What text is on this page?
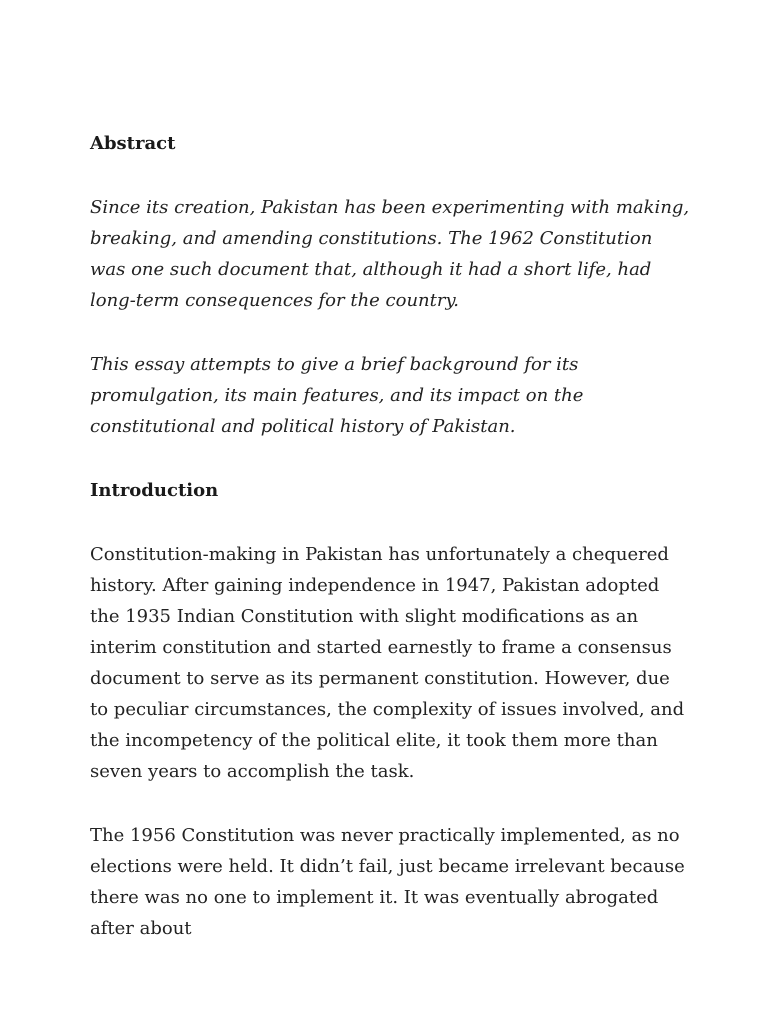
Abstract

Since its creation, Pakistan has been experimenting with making, breaking, and amending constitutions. The 1962 Constitution was one such document that, although it had a short life, had long-term consequences for the country.

This essay attempts to give a brief background for its promulgation, its main features, and its impact on the constitutional and political history of Pakistan.

Introduction

Constitution-making in Pakistan has unfortunately a chequered history. After gaining independence in 1947, Pakistan adopted the 1935 Indian Constitution with slight modifications as an interim constitution and started earnestly to frame a consensus document to serve as its permanent constitution. However, due to peculiar circumstances, the complexity of issues involved, and the incompetency of the political elite, it took them more than seven years to accomplish the task.

The 1956 Constitution was never practically implemented, as no elections were held. It didn’t fail, just became irrelevant because there was no one to implement it. It was eventually abrogated after about
